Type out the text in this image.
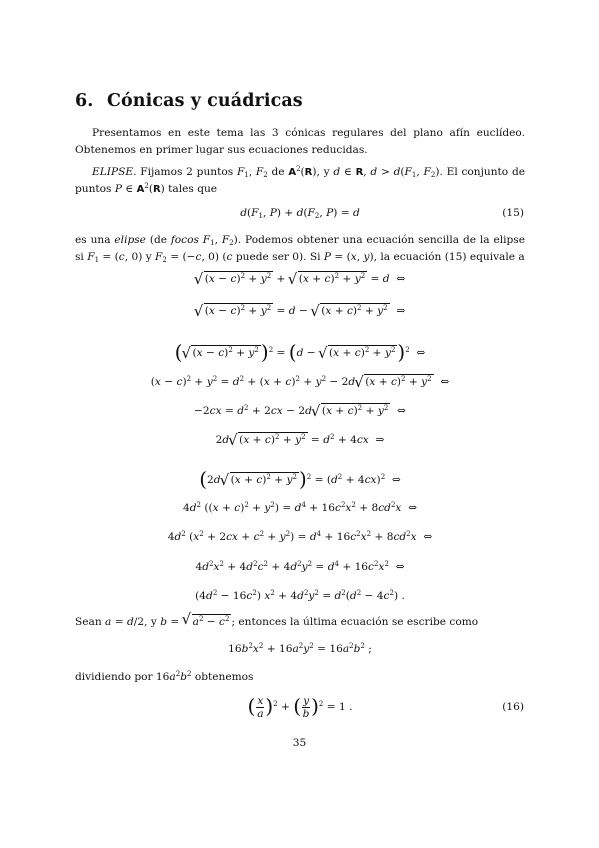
6. Cónicas y cuádricas
Presentamos en este tema las 3 cónicas regulares del plano afín euclídeo. Obtenemos en primer lugar sus ecuaciones reducidas.
ELIPSE. Fijamos 2 puntos $F_1$, $F_2$ de $A^2(R)$, y d ∈ R, $d > d(F_1$, $F_2$). El conjunto de puntos P ∈ $A^2(R)$ tales que
$d(F_1$, $P) + d(F_2$, P) = d	(15)
es una elipse (de focos $F_1$, $F_2$). Podemos obtener una ecuación sencilla de la elipse si $F_1 = (c$, 0) y $F_2 = (-c$, 0) (c puede ser 0). Si P = (x, y), la ecuación (15) equivale a
√ $(x - c)^2 + y^2$ + √ $(x + c)^2 + y^2 = d$  ⇔
√ $(x - c)^2 + y^2 = d$ − √ $(x + c)^2 + y^2$  ⇒
(√ $(x - c)^2 + y^2$ )$^2$ = (d − √ $(x + c)^2 + y^2$ )$^2$  ⇔
$(x - c)^2 + y^2 = d^2 + (x + c)^2 + y^2 - 2d√$ $(x + c)^2 + y^2$  ⇔
$-2cx = d^2 + 2cx - 2d√$ $(x + c)^2 + y^2$  ⇔
2d√ $(x + c)^2 + y^2 = d^2 + 4cx$  ⇒
(2d√ $(x + c)^2 + y^2$ )$^2 = (d^2 + 4cx)^2$  ⇔
$4d^2$ $((x + c)^2 + y^2) = d^4 + 16c^2x^2 + 8cd^2x$  ⇔
$4d^2$ $(x^2 + 2cx + c^2 + y^2) = d^4 + 16c^2x^2 + 8cd^2x$  ⇔
$4d^2x^2 + 4d^2c^2 + 4d^2y^2 = d^4 + 16c^2x^2$  ⇔
$(4d^2 - 16c^2) x^2 + 4d^2y^2 = d^2(d^2 - 4c^2)$ .
Sean a = d/2, y b = √ $a^2 - c^2$ ; entonces la última ecuación se escribe como
$16b^2x^2 + 16a^2y^2 = 16a^2b^2$ ;
dividiendo por $16a^2b^2$ obtenemos
( $\frac{x}{a} )^2$ + ( $\frac{y}{b} )^2 = 1$ .	(16)
35
